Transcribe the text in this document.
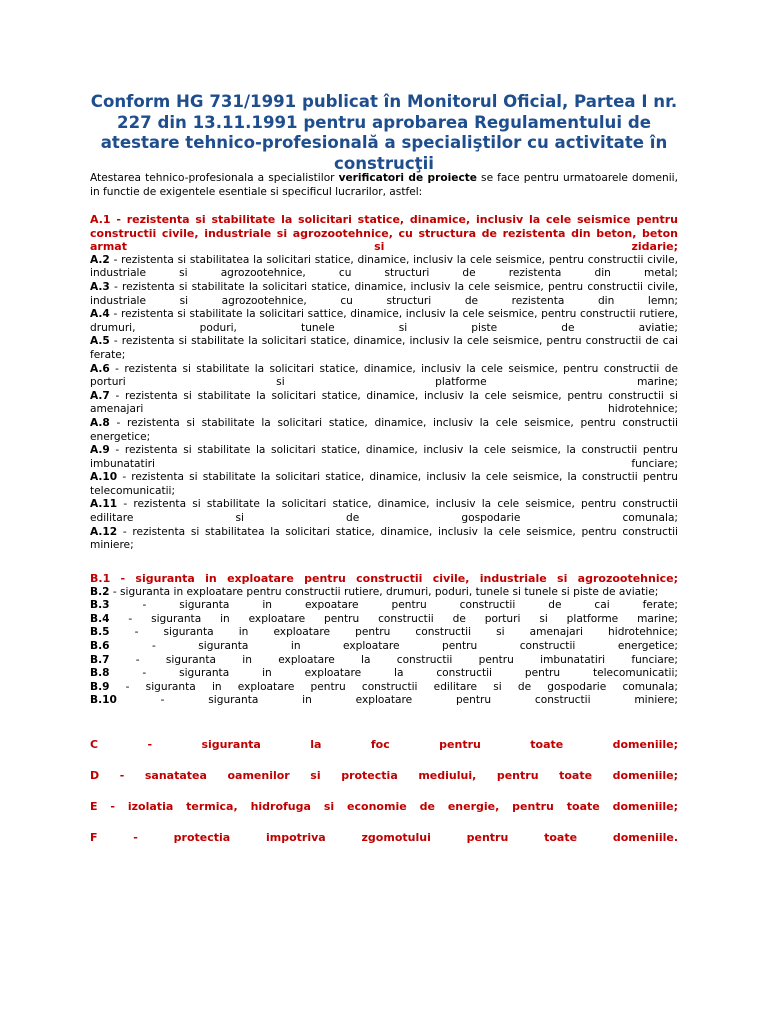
Conform HG 731/1991 publicat în Monitorul Oficial, Partea I nr. 227 din 13.11.1991 pentru aprobarea Regulamentului de atestare tehnico-profesională a specialiştilor cu activitate în construcţii
Atestarea tehnico-profesionala a specialistilor verificatori de proiecte se face pentru urmatoarele domenii, in functie de exigentele esentiale si specificul lucrarilor, astfel:

A.1 - rezistenta si stabilitate la solicitari statice, dinamice, inclusiv la cele seismice pentru constructii civile, industriale si agrozootehnice, cu structura de rezistenta din beton, beton armat si zidarie;

A.2 - rezistenta si stabilitatea la solicitari statice, dinamice, inclusiv la cele seismice, pentru constructii civile, industriale si agrozootehnice, cu structuri de rezistenta din metal;

A.3 - rezistenta si stabilitate la solicitari statice, dinamice, inclusiv la cele seismice, pentru constructii civile, industriale si agrozootehnice, cu structuri de rezistenta din lemn;

A.4 - rezistenta si stabilitate la solicitari sattice, dinamice, inclusiv la cele seismice, pentru constructii rutiere, drumuri, poduri, tunele si piste de aviatie;

A.5 - rezistenta si stabilitate la solicitari statice, dinamice, inclusiv la cele seismice, pentru constructii de cai ferate;

A.6 - rezistenta si stabilitate la solicitari statice, dinamice, inclusiv la cele seismice, pentru constructii de porturi si platforme marine;

A.7 - rezistenta si stabilitate la solicitari statice, dinamice, inclusiv la cele seismice, pentru constructii si amenajari hidrotehnice;

A.8 - rezistenta si stabilitate la solicitari statice, dinamice, inclusiv la cele seismice, pentru constructii energetice;

A.9 - rezistenta si stabilitate la solicitari statice, dinamice, inclusiv la cele seismice, la constructii pentru imbunatatiri funciare;

A.10 - rezistenta si stabilitate la solicitari statice, dinamice, inclusiv la cele seismice, la constructii pentru telecomunicatii;

A.11 - rezistenta si stabilitate la solicitari statice, dinamice, inclusiv la cele seismice, pentru constructii edilitare si de gospodarie comunala;

A.12 - rezistenta si stabilitatea la solicitari statice, dinamice, inclusiv la cele seismice, pentru constructii miniere;

B.1 - siguranta in exploatare pentru constructii civile, industriale si agrozootehnice;

B.2 - siguranta in exploatare pentru constructii rutiere, drumuri, poduri, tunele si tunele si piste de aviatie;

B.3 - siguranta in expoatare pentru constructii de cai ferate;

B.4 - siguranta in exploatare pentru constructii de porturi si platforme marine;

B.5 - siguranta in exploatare pentru constructii si amenajari hidrotehnice;

B.6 - siguranta in exploatare pentru constructii energetice;

B.7 - siguranta in exploatare la constructii pentru imbunatatiri funciare;

B.8 - siguranta in exploatare la constructii pentru telecomunicatii;

B.9 - siguranta in exploatare pentru constructii edilitare si de gospodarie comunala;

B.10 - siguranta in exploatare pentru constructii miniere;

C - siguranta la foc pentru toate domeniile;
D - sanatatea oamenilor si protectia mediului, pentru toate domeniile;
E - izolatia termica, hidrofuga si economie de energie, pentru toate domeniile;
F - protectia impotriva zgomotului pentru toate domeniile.
